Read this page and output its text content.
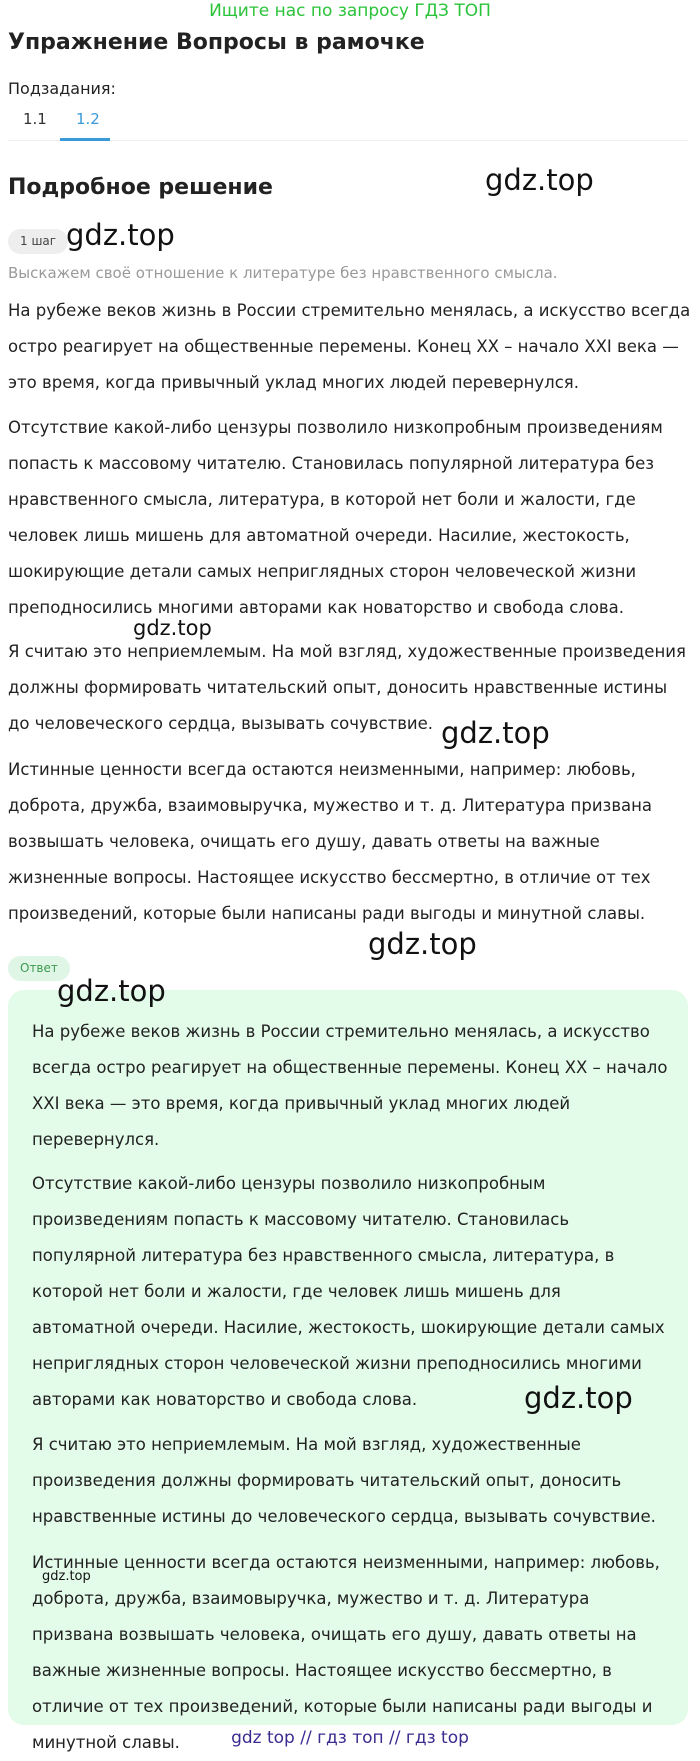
Ищите нас по запросу ГДЗ ТОП
Упражнение Вопросы в рамочке
Подзадания:
1.1 1.2
Подробное решение	gdz.top
1 шаг gdz.top
Выскажем своё отношение к литературе без нравственного смысла.

На рубеже веков жизнь в России стремительно менялась, а искусство всегда остро реагирует на общественные перемены. Конец XX – начало XXI века — это время, когда привычный уклад многих людей перевернулся.

Отсутствие какой-либо цензуры позволило низкопробным произведениям попасть к массовому читателю. Становилась популярной литература без нравственного смысла, литература, в которой нет боли и жалости, где человек лишь мишень для автоматной очереди. Насилие, жестокость, шокирующие детали самых неприглядных сторон человеческой жизни преподносились многими авторами как новаторство и свобода слова.

gdz.top

Я считаю это неприемлемым. На мой взгляд, художественные произведения должны формировать читательский опыт, доносить нравственные истины до человеческого сердца, вызывать сочувствие. gdz.top

Истинные ценности всегда остаются неизменными, например: любовь, доброта, дружба, взаимовыручка, мужество и т. д. Литература призвана возвышать человека, очищать его душу, давать ответы на важные жизненные вопросы. Настоящее искусство бессмертно, в отличие от тех произведений, которые были написаны ради выгоды и минутной славы.

gdz.top
Ответ
gdz.top

На рубеже веков жизнь в России стремительно менялась, а искусство всегда остро реагирует на общественные перемены. Конец XX – начало XXI века — это время, когда привычный уклад многих людей перевернулся.

Отсутствие какой-либо цензуры позволило низкопробным произведениям попасть к массовому читателю. Становилась популярной литература без нравственного смысла, литература, в которой нет боли и жалости, где человек лишь мишень для автоматной очереди. Насилие, жестокость, шокирующие детали самых неприглядных сторон человеческой жизни преподносились многими авторами как новаторство и свобода слова.	gdz.top

Я считаю это неприемлемым. На мой взгляд, художественные произведения должны формировать читательский опыт, доносить нравственные истины до человеческого сердца, вызывать сочувствие.

gdz.top

Истинные ценности всегда остаются неизменными, например: любовь, доброта, дружба, взаимовыручка, мужество и т. д. Литература призвана возвышать человека, очищать его душу, давать ответы на важные жизненные вопросы. Настоящее искусство бессмертно, в отличие от тех произведений, которые были написаны ради выгоды и минутной славы.	gdz top // гдз топ // гдз top
